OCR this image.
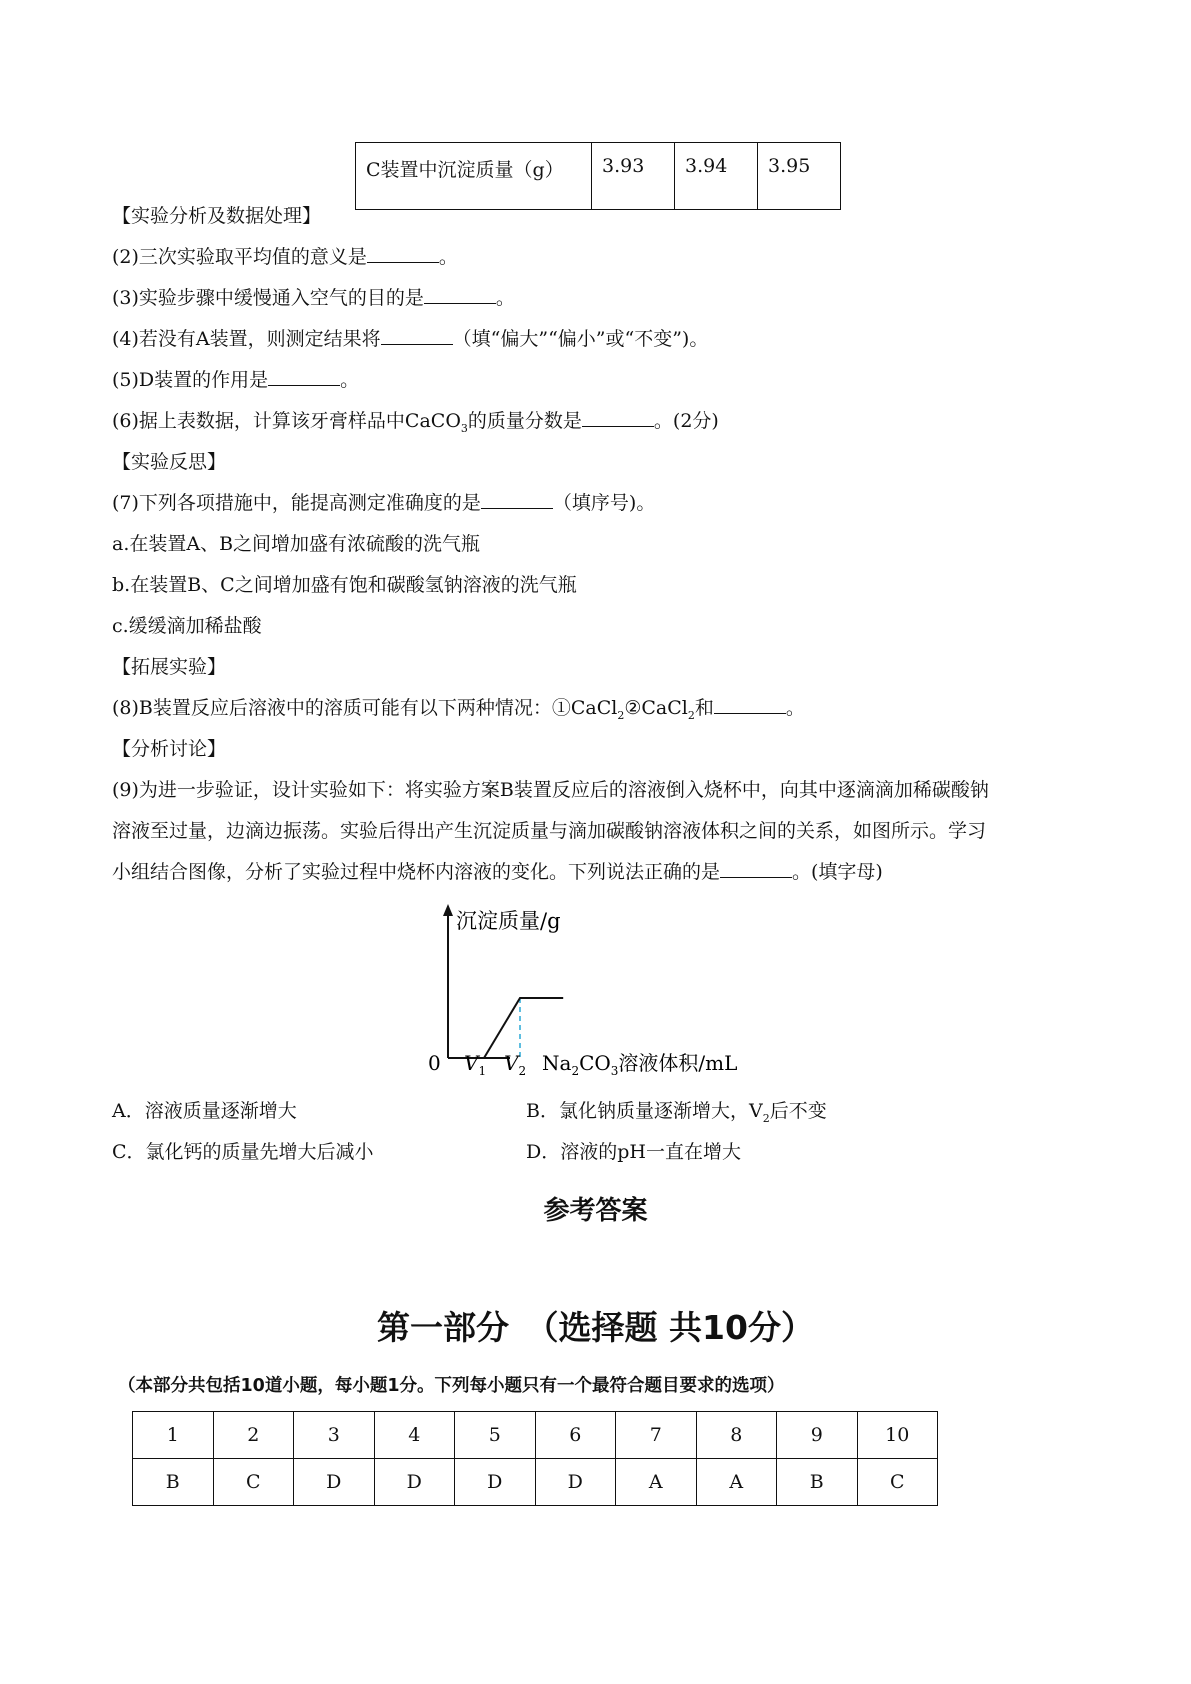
C装置中沉淀质量（g）	3.93	3.94	3.95
【实验分析及数据处理】
(2)三次实验取平均值的意义是	。
(3)实验步骤中缓慢通入空气的目的是	。
(4)若没有A装置，则测定结果将	（填“偏大”“偏小”或“不变”)。
(5)D装置的作用是	。
(6)据上表数据，计算该牙膏样品中CaCO$_3$的质量分数是	。(2分)
【实验反思】
(7)下列各项措施中，能提高测定准确度的是	（填序号)。
a.在装置A、B之间增加盛有浓硫酸的洗气瓶
b.在装置B、C之间增加盛有饱和碳酸氢钠溶液的洗气瓶
c.缓缓滴加稀盐酸
【拓展实验】
(8)B装置反应后溶液中的溶质可能有以下两种情况：①CaCl$_2$②CaCl$_2$和	。
【分析讨论】
(9)为进一步验证，设计实验如下：将实验方案B装置反应后的溶液倒入烧杯中，向其中逐滴滴加稀碳酸钠
溶液至过量，边滴边振荡。实验后得出产生沉淀质量与滴加碳酸钠溶液体积之间的关系，如图所示。学习
小组结合图像，分析了实验过程中烧杯内溶液的变化。下列说法正确的是	。(填字母)
沉淀质量/g
0 $V_1$ $V_2$ $Na_2CO_3$溶液体积/mL
A．溶液质量逐渐增大	B．氯化钠质量逐渐增大，$V_2$后不变
C．氯化钙的质量先增大后减小	D．溶液的pH一直在增大
参考答案
第一部分　（选择题 共10分）
（本部分共包括10道小题，每小题1分。下列每小题只有一个最符合题目要求的选项）
1	2	3	4	5	6	7	8	9	10
B	C	D	D	D	D	A	A	B	C
